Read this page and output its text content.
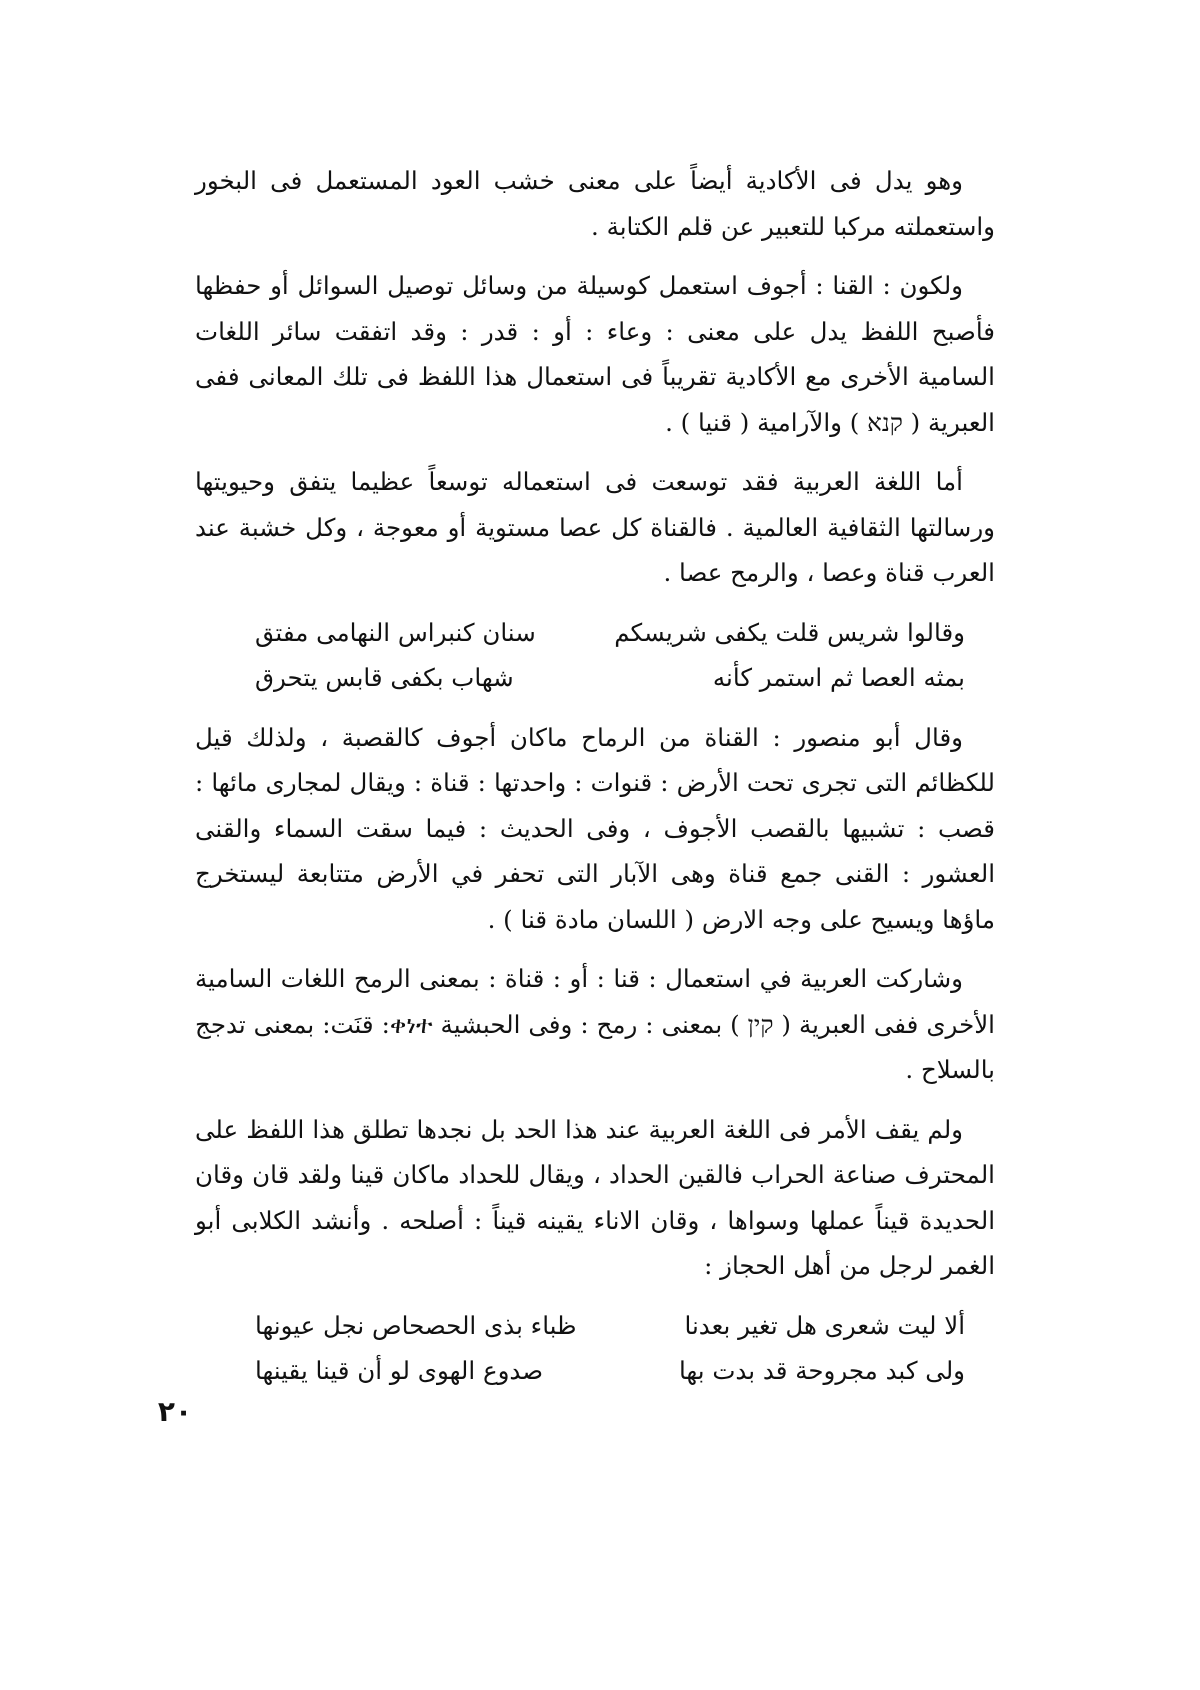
وهو يدل فى الأكادية أيضاً على معنى خشب العود المستعمل فى البخور واستعملته مركبا للتعبير عن قلم الكتابة .

ولكون : القنا : أجوف استعمل كوسيلة من وسائل توصيل السوائل أو حفظها فأصبح اللفظ يدل على معنى : وعاء : أو : قدر : وقد اتفقت سائر اللغات السامية الأخرى مع الأكادية تقريباً فى استعمال هذا اللفظ فى تلك المعانى ففى العبرية ( קנא ) والآرامية ( قنيا ) .

أما اللغة العربية فقد توسعت فى استعماله توسعاً عظيما يتفق وحيويتها ورسالتها الثقافية العالمية . فالقناة كل عصا مستوية أو معوجة ، وكل خشبة عند العرب قناة وعصا ، والرمح عصا .

وقالوا شريس قلت يكفى شريسكم
سنان كنبراس النهامى مفتق
بمثه العصا ثم استمر كأنه
شهاب بكفى قابس يتحرق

وقال أبو منصور : القناة من الرماح ماكان أجوف كالقصبة ، ولذلك قيل للكظائم التى تجرى تحت الأرض : قنوات : واحدتها : قناة : ويقال لمجارى مائها : قصب : تشبيها بالقصب الأجوف ، وفى الحديث : فيما سقت السماء والقنى العشور : القنى جمع قناة وهى الآبار التى تحفر في الأرض متتابعة ليستخرج ماؤها ويسيح على وجه الارض ( اللسان مادة قنا ) .

وشاركت العربية في استعمال : قنا : أو : قناة : بمعنى الرمح اللغات السامية الأخرى ففى العبرية ( קין ) بمعنى : رمح : وفى الحبشية ቀነተ: قنَت: بمعنى تدجج بالسلاح .

ولم يقف الأمر فى اللغة العربية عند هذا الحد بل نجدها تطلق هذا اللفظ على المحترف صناعة الحراب فالقين الحداد ، ويقال للحداد ماكان قينا ولقد قان وقان الحديدة قيناً عملها وسواها ، وقان الاناء يقينه قيناً : أصلحه . وأنشد الكلابى أبو الغمر لرجل من أهل الحجاز :

ألا ليت شعرى هل تغير بعدنا
ظباء بذى الحصحاص نجل عيونها
ولى كبد مجروحة قد بدت بها
صدوع الهوى لو أن قينا يقينها
٢٠
